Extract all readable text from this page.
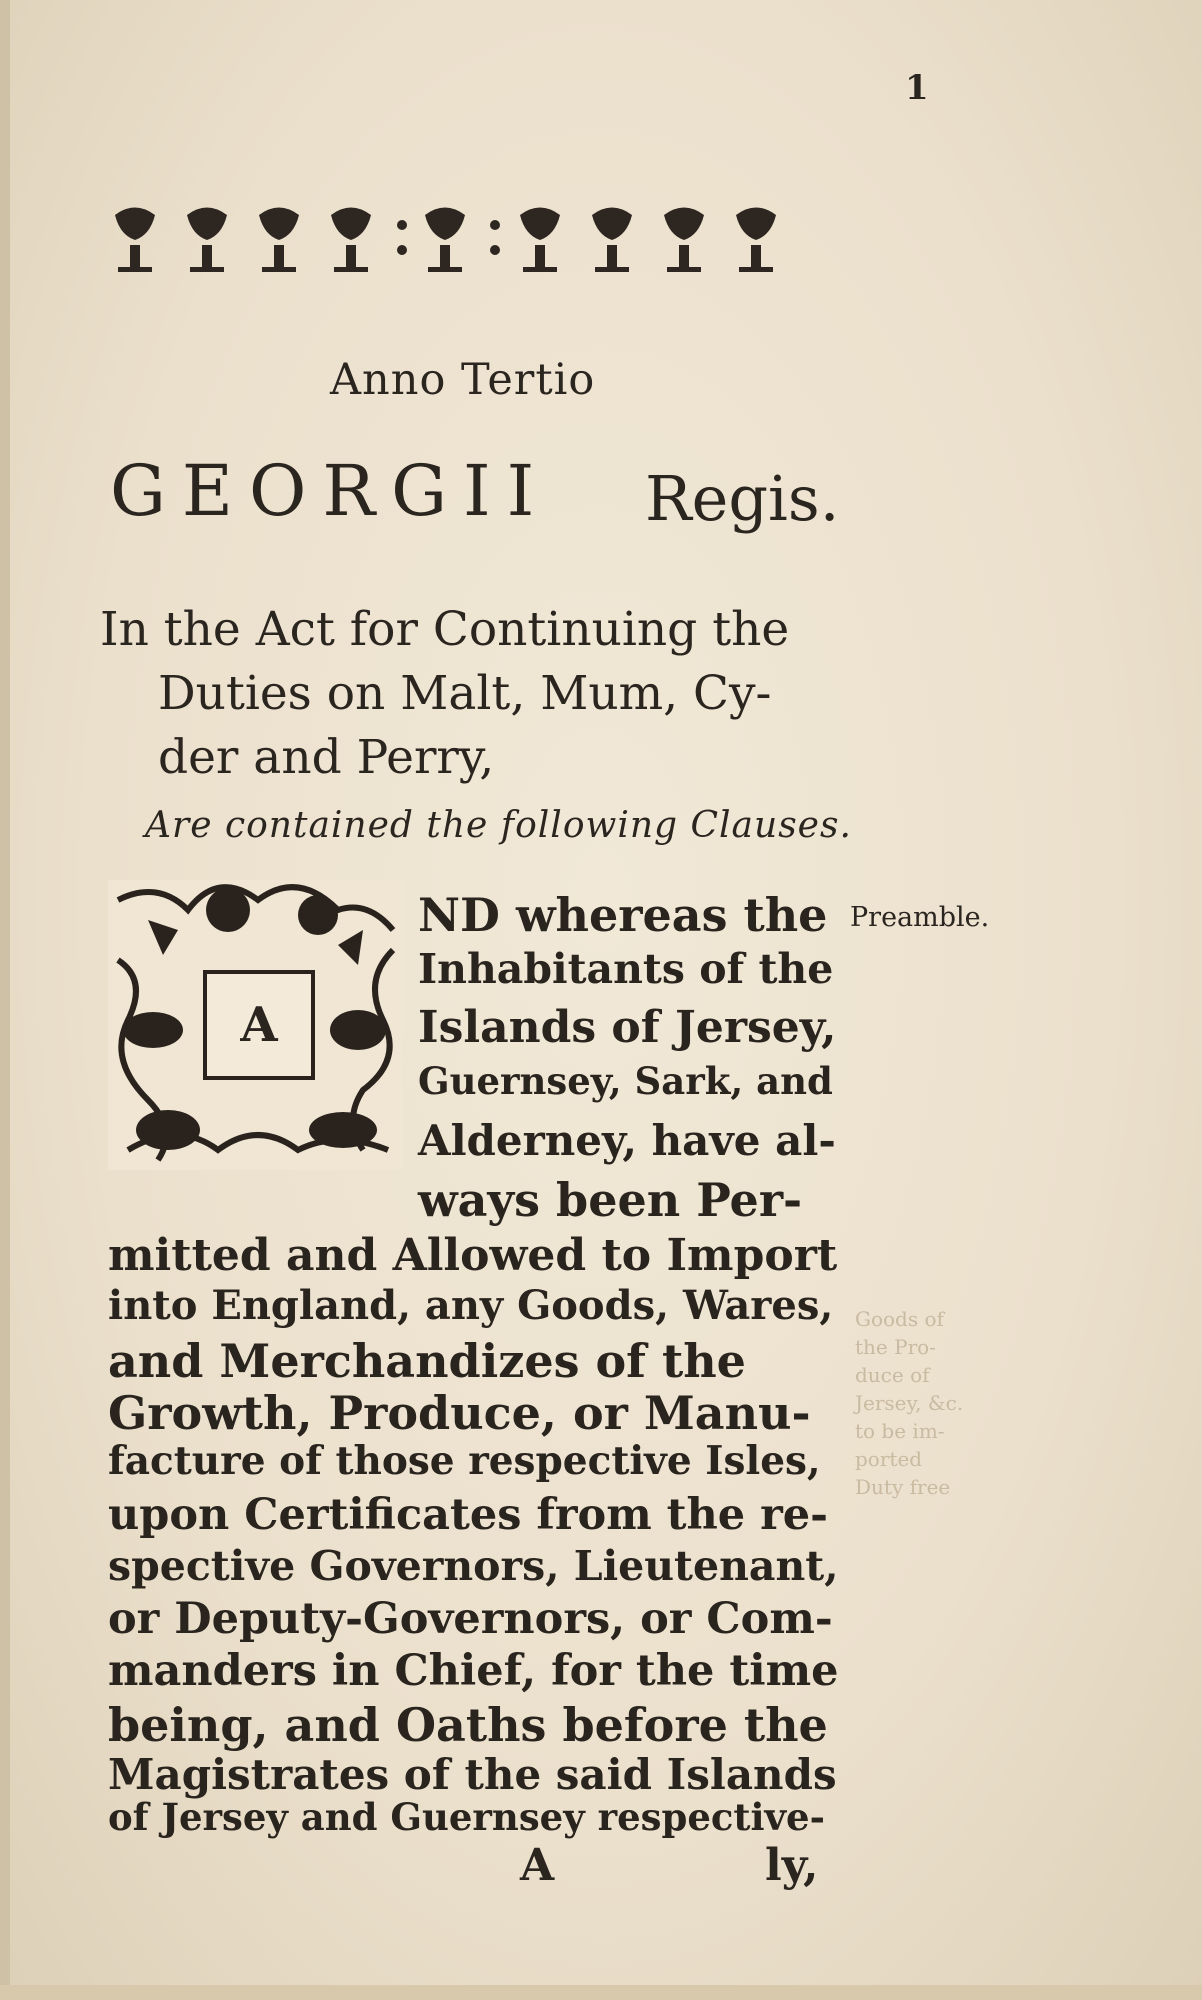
1
Anno Tertio
GEORGII Regis.
In the Act for Continuing the
Duties on Malt, Mum, Cy-
der and Perry,
Are contained the following Clauses.
A
Preamble.
Goods of
the Pro-
duce of
Jersey, &c.
to be im-
ported
Duty free
ND whereas the
Inhabitants of the
Islands of Jersey,
Guernsey, Sark, and
Alderney, have al-
ways been Per-
mitted and Allowed to Import
into England, any Goods, Wares,
and Merchandizes of the
Growth, Produce, or Manu-
facture of those respective Isles,
upon Certificates from the re-
spective Governors, Lieutenant,
or Deputy-Governors, or Com-
manders in Chief, for the time
being, and Oaths before the
Magistrates of the said Islands
of Jersey and Guernsey respective-
A	ly,
